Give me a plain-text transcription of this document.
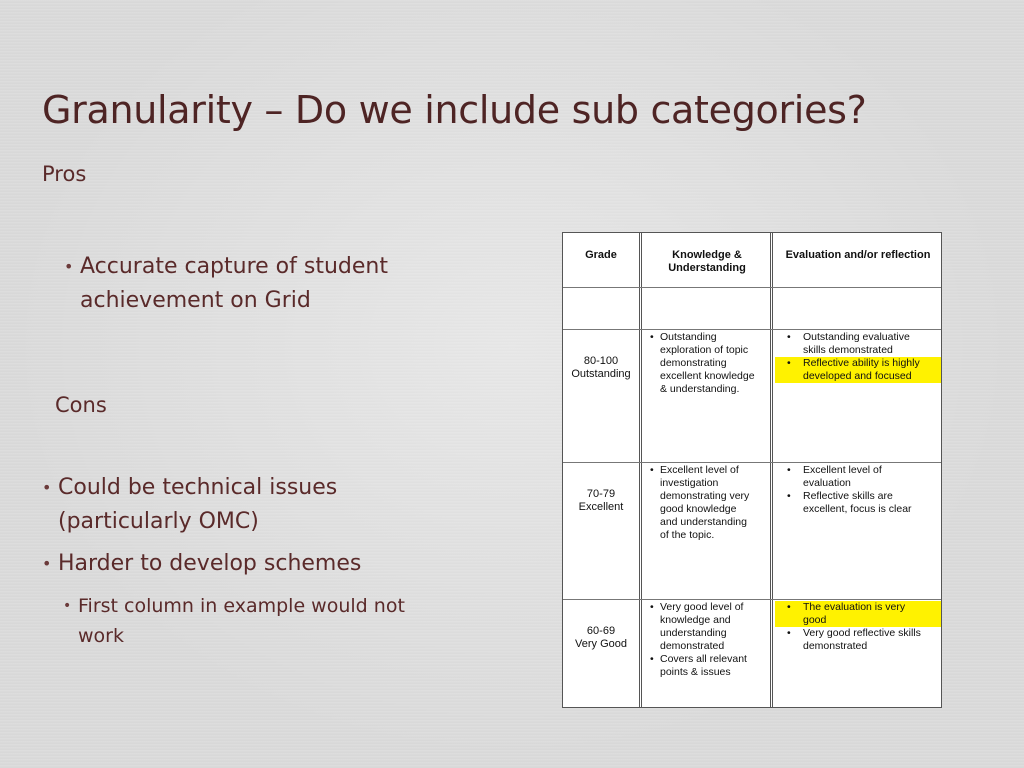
Granularity – Do we include sub categories?
Pros
• Accurate capture of student
achievement on Grid
Cons
• Could be technical issues
(particularly OMC)
• Harder to develop schemes
• First column in example would not
work
Grade	Knowledge &
Understanding
Evaluation and/or reflection
80-100
Outstanding
• Outstanding
exploration of topic
demonstrating
excellent knowledge
& understanding.
• Outstanding evaluative
skills demonstrated
• Reflective ability is highly
developed and focused
70-79
Excellent
• Excellent level of
investigation
demonstrating very
good knowledge
and understanding
of the topic.
• Excellent level of
evaluation
• Reflective skills are
excellent, focus is clear
60-69
Very Good
• Very good level of
knowledge and
understanding
demonstrated
• Covers all relevant
points & issues
• The evaluation is very
good
• Very good reflective skills
demonstrated
